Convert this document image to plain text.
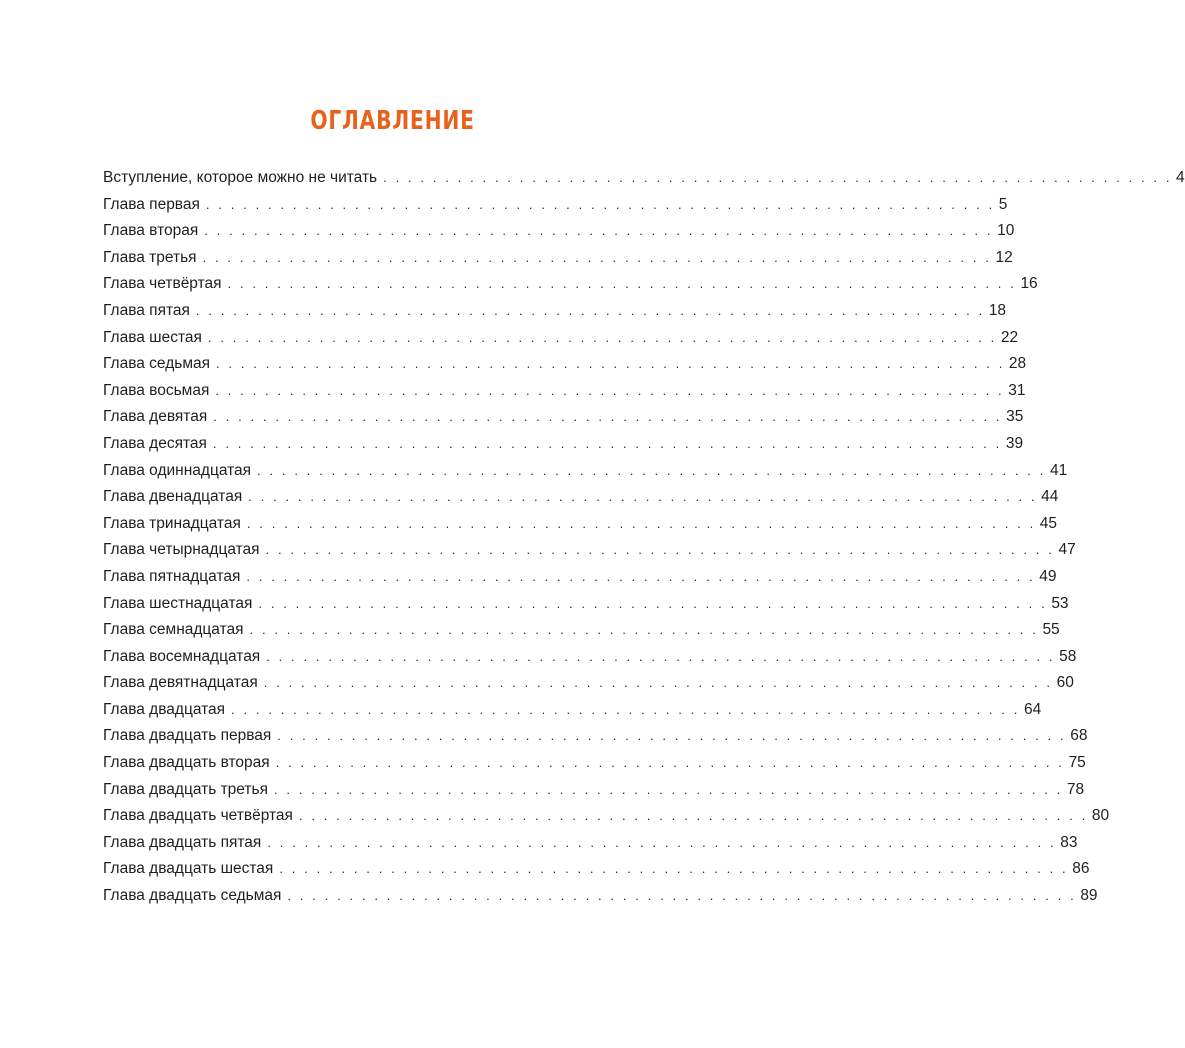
ОГЛАВЛЕНИЕ
Вступление, которое можно не читать . . . . . . . . . . . . . . . . . . . . . . . . . . . . . . . . . . . . . . . . . . . . . . . . . . . . . . . . . . . . . . . . 4
Глава первая . . . . . . . . . . . . . . . . . . . . . . . . . . . . . . . . . . . . . . . . . . . . . . . . . . . . . . . . . . . . . . . . 5
Глава вторая . . . . . . . . . . . . . . . . . . . . . . . . . . . . . . . . . . . . . . . . . . . . . . . . . . . . . . . . . . . . . . . . 10
Глава третья . . . . . . . . . . . . . . . . . . . . . . . . . . . . . . . . . . . . . . . . . . . . . . . . . . . . . . . . . . . . . . . . 12
Глава четвёртая . . . . . . . . . . . . . . . . . . . . . . . . . . . . . . . . . . . . . . . . . . . . . . . . . . . . . . . . . . . . . . . . 16
Глава пятая . . . . . . . . . . . . . . . . . . . . . . . . . . . . . . . . . . . . . . . . . . . . . . . . . . . . . . . . . . . . . . . . 18
Глава шестая . . . . . . . . . . . . . . . . . . . . . . . . . . . . . . . . . . . . . . . . . . . . . . . . . . . . . . . . . . . . . . . . 22
Глава седьмая . . . . . . . . . . . . . . . . . . . . . . . . . . . . . . . . . . . . . . . . . . . . . . . . . . . . . . . . . . . . . . . . 28
Глава восьмая . . . . . . . . . . . . . . . . . . . . . . . . . . . . . . . . . . . . . . . . . . . . . . . . . . . . . . . . . . . . . . . . 31
Глава девятая . . . . . . . . . . . . . . . . . . . . . . . . . . . . . . . . . . . . . . . . . . . . . . . . . . . . . . . . . . . . . . . . 35
Глава десятая . . . . . . . . . . . . . . . . . . . . . . . . . . . . . . . . . . . . . . . . . . . . . . . . . . . . . . . . . . . . . . . . 39
Глава одиннадцатая . . . . . . . . . . . . . . . . . . . . . . . . . . . . . . . . . . . . . . . . . . . . . . . . . . . . . . . . . . . . . . . . 41
Глава двенадцатая . . . . . . . . . . . . . . . . . . . . . . . . . . . . . . . . . . . . . . . . . . . . . . . . . . . . . . . . . . . . . . . . 44
Глава тринадцатая . . . . . . . . . . . . . . . . . . . . . . . . . . . . . . . . . . . . . . . . . . . . . . . . . . . . . . . . . . . . . . . . 45
Глава четырнадцатая . . . . . . . . . . . . . . . . . . . . . . . . . . . . . . . . . . . . . . . . . . . . . . . . . . . . . . . . . . . . . . . . 47
Глава пятнадцатая . . . . . . . . . . . . . . . . . . . . . . . . . . . . . . . . . . . . . . . . . . . . . . . . . . . . . . . . . . . . . . . . 49
Глава шестнадцатая . . . . . . . . . . . . . . . . . . . . . . . . . . . . . . . . . . . . . . . . . . . . . . . . . . . . . . . . . . . . . . . . 53
Глава семнадцатая . . . . . . . . . . . . . . . . . . . . . . . . . . . . . . . . . . . . . . . . . . . . . . . . . . . . . . . . . . . . . . . . 55
Глава восемнадцатая . . . . . . . . . . . . . . . . . . . . . . . . . . . . . . . . . . . . . . . . . . . . . . . . . . . . . . . . . . . . . . . . 58
Глава девятнадцатая . . . . . . . . . . . . . . . . . . . . . . . . . . . . . . . . . . . . . . . . . . . . . . . . . . . . . . . . . . . . . . . . 60
Глава двадцатая . . . . . . . . . . . . . . . . . . . . . . . . . . . . . . . . . . . . . . . . . . . . . . . . . . . . . . . . . . . . . . . . 64
Глава двадцать первая . . . . . . . . . . . . . . . . . . . . . . . . . . . . . . . . . . . . . . . . . . . . . . . . . . . . . . . . . . . . . . . . 68
Глава двадцать вторая . . . . . . . . . . . . . . . . . . . . . . . . . . . . . . . . . . . . . . . . . . . . . . . . . . . . . . . . . . . . . . . . 75
Глава двадцать третья . . . . . . . . . . . . . . . . . . . . . . . . . . . . . . . . . . . . . . . . . . . . . . . . . . . . . . . . . . . . . . . . 78
Глава двадцать четвёртая . . . . . . . . . . . . . . . . . . . . . . . . . . . . . . . . . . . . . . . . . . . . . . . . . . . . . . . . . . . . . . . . 80
Глава двадцать пятая . . . . . . . . . . . . . . . . . . . . . . . . . . . . . . . . . . . . . . . . . . . . . . . . . . . . . . . . . . . . . . . . 83
Глава двадцать шестая . . . . . . . . . . . . . . . . . . . . . . . . . . . . . . . . . . . . . . . . . . . . . . . . . . . . . . . . . . . . . . . . 86
Глава двадцать седьмая . . . . . . . . . . . . . . . . . . . . . . . . . . . . . . . . . . . . . . . . . . . . . . . . . . . . . . . . . . . . . . . . 89
